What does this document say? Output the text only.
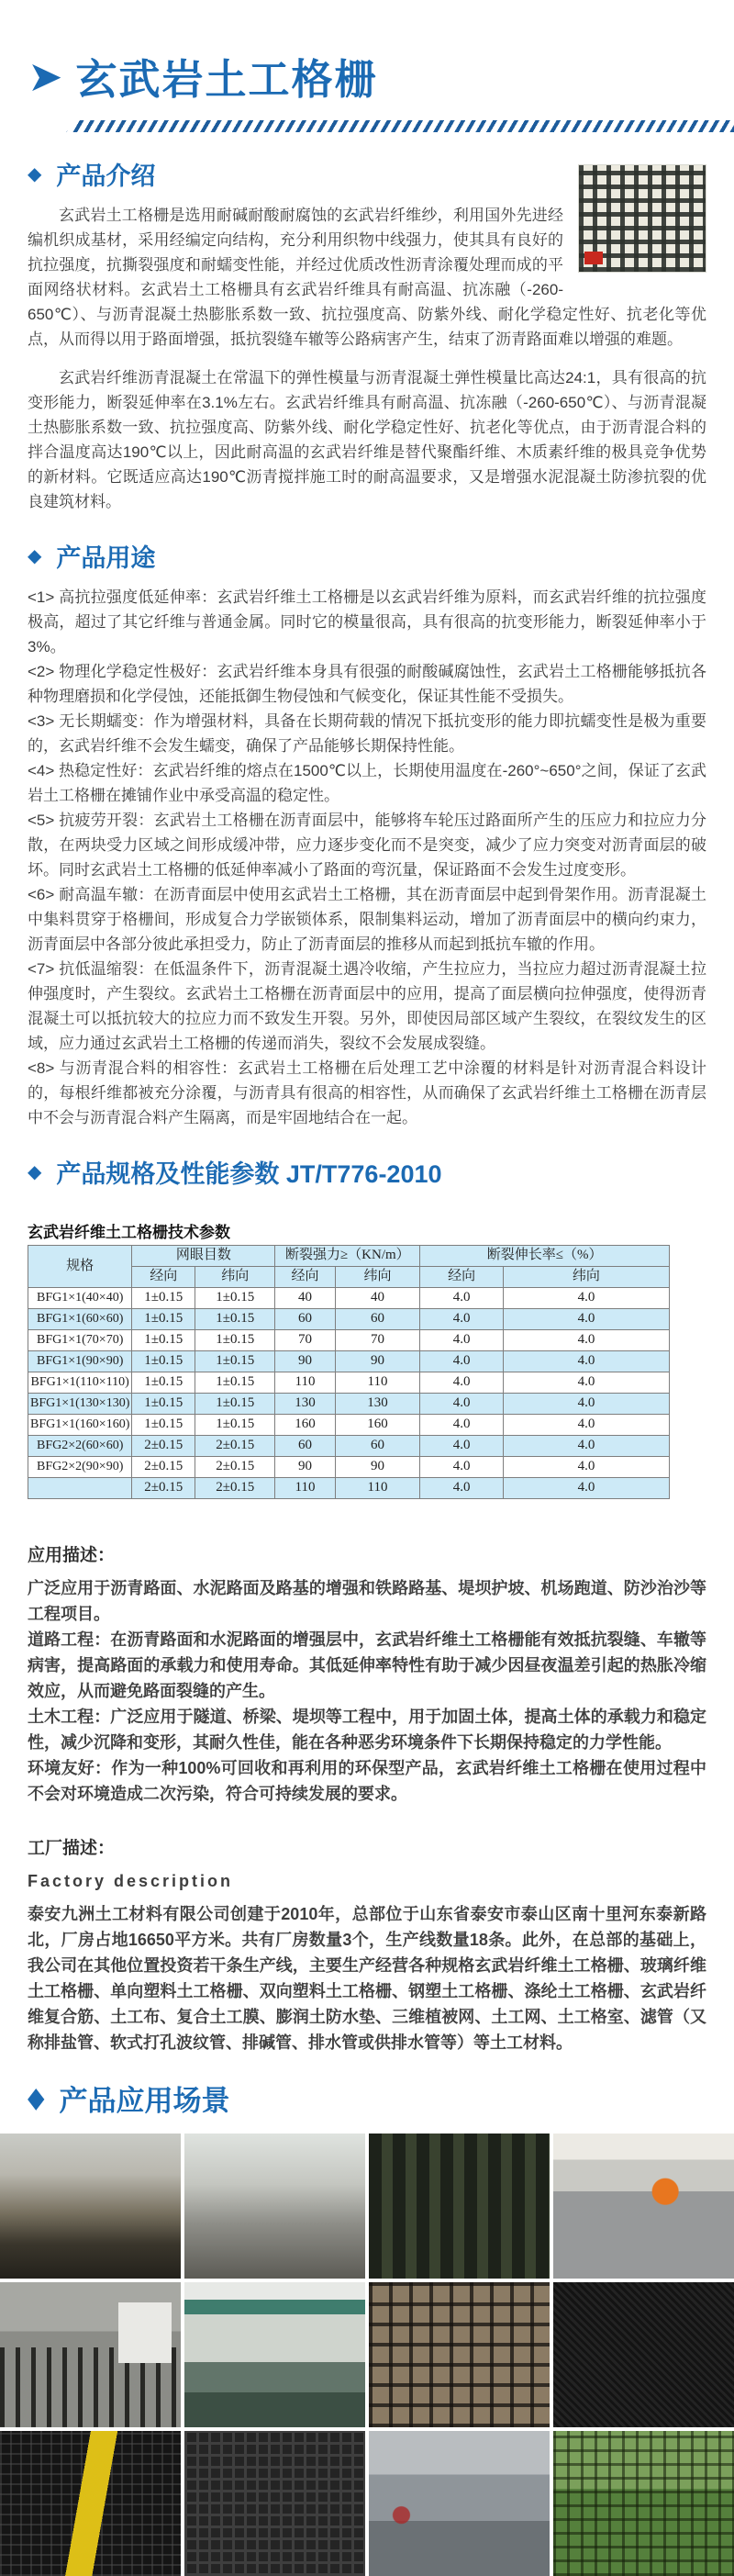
➤ 玄武岩土工格栅
◆ 产品介绍

玄武岩土工格栅是选用耐碱耐酸耐腐蚀的玄武岩纤维纱，利用国外先进经编机织成基材，采用经编定向结构，充分利用织物中线强力，使其具有良好的抗拉强度，抗撕裂强度和耐蠕变性能，并经过优质改性沥青涂覆处理而成的平面网络状材料。玄武岩土工格栅具有玄武岩纤维具有耐高温、抗冻融（-260-650℃）、与沥青混凝土热膨胀系数一致、抗拉强度高、防紫外线、耐化学稳定性好、抗老化等优点，从而得以用于路面增强，抵抗裂缝车辙等公路病害产生，结束了沥青路面难以增强的难题。

玄武岩纤维沥青混凝土在常温下的弹性模量与沥青混凝土弹性模量比高达24:1，具有很高的抗变形能力，断裂延伸率在3.1%左右。玄武岩纤维具有耐高温、抗冻融（-260-650℃）、与沥青混凝土热膨胀系数一致、抗拉强度高、防紫外线、耐化学稳定性好、抗老化等优点，由于沥青混合料的拌合温度高达190℃以上，因此耐高温的玄武岩纤维是替代聚酯纤维、木质素纤维的极具竞争优势的新材料。它既适应高达190℃沥青搅拌施工时的耐高温要求，又是增强水泥混凝土防渗抗裂的优良建筑材料。

◆ 产品用途

<1> 高抗拉强度低延伸率：玄武岩纤维土工格栅是以玄武岩纤维为原料，而玄武岩纤维的抗拉强度极高，超过了其它纤维与普通金属。同时它的模量很高，具有很高的抗变形能力，断裂延伸率小于3%。

<2> 物理化学稳定性极好：玄武岩纤维本身具有很强的耐酸碱腐蚀性，玄武岩土工格栅能够抵抗各种物理磨损和化学侵蚀，还能抵御生物侵蚀和气候变化，保证其性能不受损失。

<3> 无长期蠕变：作为增强材料，具备在长期荷载的情况下抵抗变形的能力即抗蠕变性是极为重要的，玄武岩纤维不会发生蠕变，确保了产品能够长期保持性能。

<4> 热稳定性好：玄武岩纤维的熔点在1500℃以上，长期使用温度在-260°~650°之间，保证了玄武岩土工格栅在摊铺作业中承受高温的稳定性。

<5> 抗疲劳开裂：玄武岩土工格栅在沥青面层中，能够将车轮压过路面所产生的压应力和拉应力分散，在两块受力区域之间形成缓冲带，应力逐步变化而不是突变，减少了应力突变对沥青面层的破坏。同时玄武岩土工格栅的低延伸率减小了路面的弯沉量，保证路面不会发生过度变形。

<6> 耐高温车辙：在沥青面层中使用玄武岩土工格栅，其在沥青面层中起到骨架作用。沥青混凝土中集料贯穿于格栅间，形成复合力学嵌锁体系，限制集料运动，增加了沥青面层中的横向约束力，沥青面层中各部分彼此承担受力，防止了沥青面层的推移从而起到抵抗车辙的作用。

<7> 抗低温缩裂：在低温条件下，沥青混凝土遇冷收缩，产生拉应力，当拉应力超过沥青混凝土拉伸强度时，产生裂纹。玄武岩土工格栅在沥青面层中的应用，提高了面层横向拉伸强度，使得沥青混凝土可以抵抗较大的拉应力而不致发生开裂。另外，即使因局部区域产生裂纹，在裂纹发生的区域，应力通过玄武岩土工格栅的传递而消失，裂纹不会发展成裂缝。

<8> 与沥青混合料的相容性：玄武岩土工格栅在后处理工艺中涂覆的材料是针对沥青混合料设计的，每根纤维都被充分涂覆，与沥青具有很高的相容性，从而确保了玄武岩纤维土工格栅在沥青层中不会与沥青混合料产生隔离，而是牢固地结合在一起。

◆ 产品规格及性能参数 JT/T776-2010
玄武岩纤维土工格栅技术参数
规格	网眼目数		断裂强力≥（KN/m）		断裂伸长率≤（%）	
	经向	纬向	经向	纬向	经向	纬向
BFG1×1(40×40)	1±0.15	1±0.15	40	40	4.0	4.0
BFG1×1(60×60)	1±0.15	1±0.15	60	60	4.0	4.0
BFG1×1(70×70)	1±0.15	1±0.15	70	70	4.0	4.0
BFG1×1(90×90)	1±0.15	1±0.15	90	90	4.0	4.0
BFG1×1(110×110)	1±0.15	1±0.15	110	110	4.0	4.0
BFG1×1(130×130)	1±0.15	1±0.15	130	130	4.0	4.0
BFG1×1(160×160)	1±0.15	1±0.15	160	160	4.0	4.0
BFG2×2(60×60)	2±0.15	2±0.15	60	60	4.0	4.0
BFG2×2(90×90)	2±0.15	2±0.15	90	90	4.0	4.0
	2±0.15	2±0.15	110	110	4.0	4.0
应用描述：

广泛应用于沥青路面、水泥路面及路基的增强和铁路路基、堤坝护坡、机场跑道、防沙治沙等工程项目。

道路工程：在沥青路面和水泥路面的增强层中，玄武岩纤维土工格栅能有效抵抗裂缝、车辙等病害，提高路面的承载力和使用寿命。其低延伸率特性有助于减少因昼夜温差引起的热胀冷缩效应，从而避免路面裂缝的产生。

土木工程：广泛应用于隧道、桥梁、堤坝等工程中，用于加固土体，提高土体的承载力和稳定性，减少沉降和变形，其耐久性佳，能在各种恶劣环境条件下长期保持稳定的力学性能。

环境友好：作为一种100%可回收和再利用的环保型产品，玄武岩纤维土工格栅在使用过程中不会对环境造成二次污染，符合可持续发展的要求。

工厂描述：
Factory description

泰安九洲土工材料有限公司创建于2010年，总部位于山东省泰安市泰山区南十里河东泰新路北，厂房占地16650平方米。共有厂房数量3个，生产线数量18条。此外，在总部的基础上，我公司在其他位置投资若干条生产线，主要生产经营各种规格玄武岩纤维土工格栅、玻璃纤维土工格栅、单向塑料土工格栅、双向塑料土工格栅、钢塑土工格栅、涤纶土工格栅、玄武岩纤维复合筋、土工布、复合土工膜、膨润土防水垫、三维植被网、土工网、土工格室、滤管（又称排盐管、软式打孔波纹管、排碱管、排水管或供排水管等）等土工材料。

◆ 产品应用场景
